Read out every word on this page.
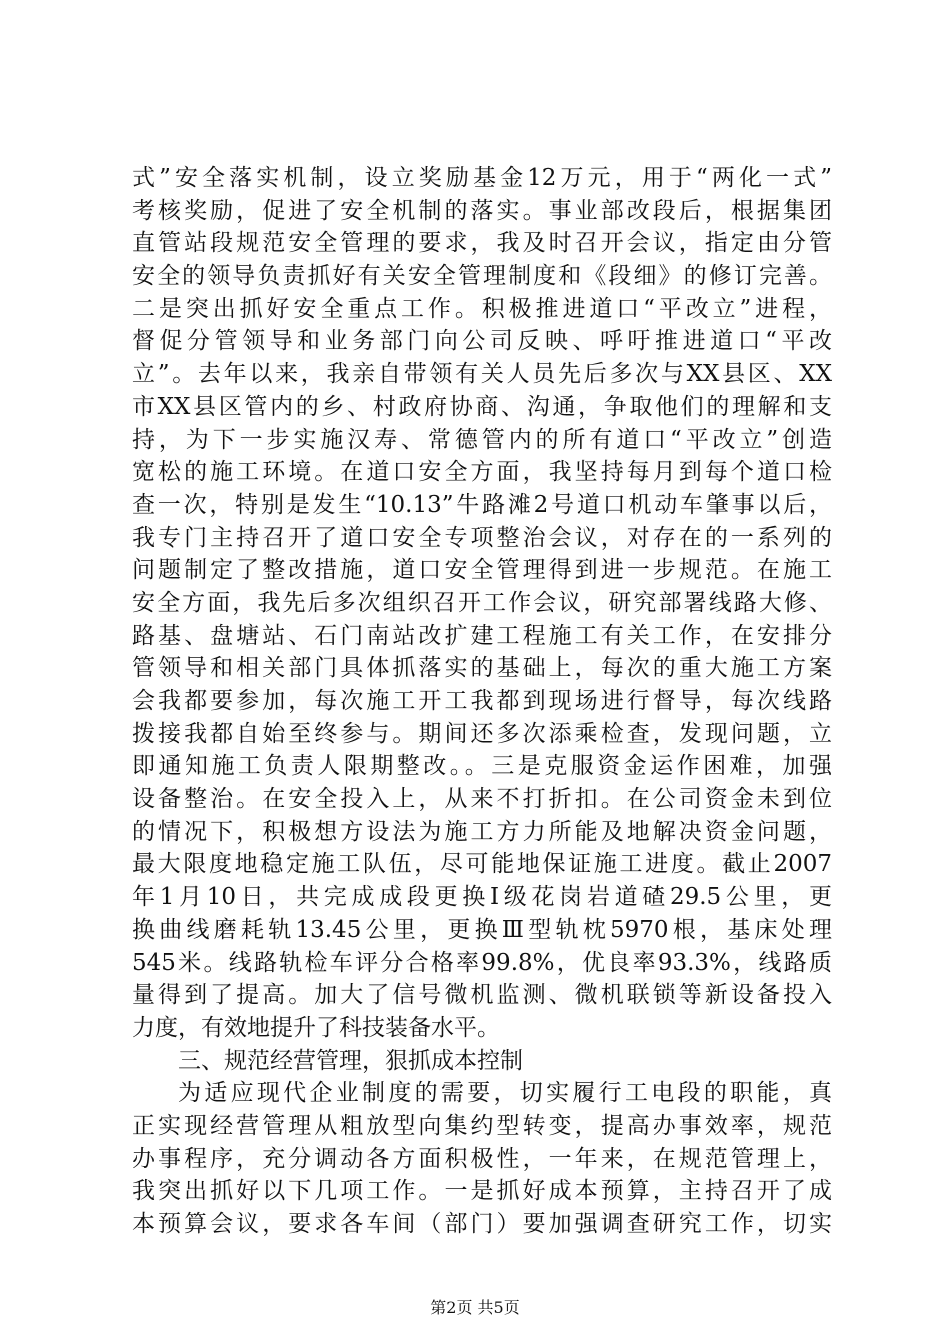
式”安全落实机制，设立奖励基金12万元，用于“两化一式”
考核奖励，促进了安全机制的落实。事业部改段后，根据集团
直管站段规范安全管理的要求，我及时召开会议，指定由分管
安全的领导负责抓好有关安全管理制度和《段细》的修订完善。
二是突出抓好安全重点工作。积极推进道口“平改立”进程，
督促分管领导和业务部门向公司反映、呼吁推进道口“平改
立”。去年以来，我亲自带领有关人员先后多次与XX县区、XX
市XX县区管内的乡、村政府协商、沟通，争取他们的理解和支
持，为下一步实施汉寿、常德管内的所有道口“平改立”创造
宽松的施工环境。在道口安全方面，我坚持每月到每个道口检
查一次，特别是发生“10.13”牛路滩2号道口机动车肇事以后，
我专门主持召开了道口安全专项整治会议，对存在的一系列的
问题制定了整改措施，道口安全管理得到进一步规范。在施工
安全方面，我先后多次组织召开工作会议，研究部署线路大修、
路基、盘塘站、石门南站改扩建工程施工有关工作，在安排分
管领导和相关部门具体抓落实的基础上，每次的重大施工方案
会我都要参加，每次施工开工我都到现场进行督导，每次线路
拨接我都自始至终参与。期间还多次添乘检查，发现问题，立
即通知施工负责人限期整改。。三是克服资金运作困难，加强
设备整治。在安全投入上，从来不打折扣。在公司资金未到位
的情况下，积极想方设法为施工方力所能及地解决资金问题，
最大限度地稳定施工队伍，尽可能地保证施工进度。截止2007
年1月10日，共完成成段更换Ⅰ级花岗岩道碴29.5公里，更
换曲线磨耗轨13.45公里，更换Ⅲ型轨枕5970根，基床处理
545米。线路轨检车评分合格率99.8%，优良率93.3%，线路质
量得到了提高。加大了信号微机监测、微机联锁等新设备投入
力度，有效地提升了科技装备水平。
三、规范经营管理，狠抓成本控制
为适应现代企业制度的需要，切实履行工电段的职能，真
正实现经营管理从粗放型向集约型转变，提高办事效率，规范
办事程序，充分调动各方面积极性，一年来，在规范管理上，
我突出抓好以下几项工作。一是抓好成本预算，主持召开了成
本预算会议，要求各车间（部门）要加强调查研究工作，切实
第2页 共5页
